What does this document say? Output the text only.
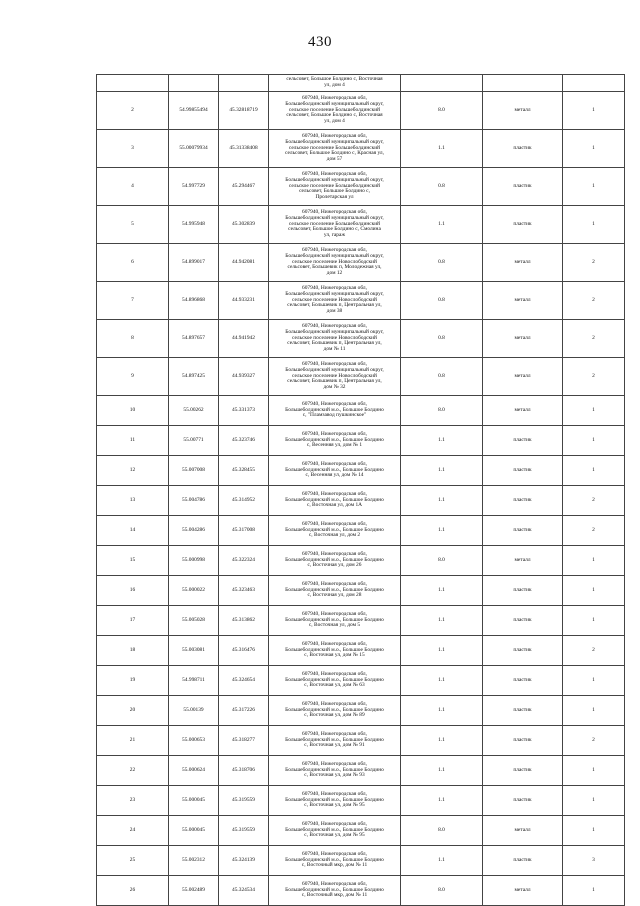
430

			сельсовет, Большое Болдино с, Восточная
ул, дом 4			

2	54.99855494	45.32818719	607940, Нижегородская обл,
Большеболдинский муниципальный округ,
сельское поселение Большеболдинский
сельсовет, Большое Болдино с, Восточная
ул, дом 4	8.0	металл	1
3	55.00079934	45.31338408	607940, Нижегородская обл,
Большеболдинский муниципальный округ,
сельское поселение Большеболдинский
сельсовет, Большое Болдино с, Красная ул,
дом 57	1.1	пластик	1
4	54.997729	45.294467	607940, Нижегородская обл,
Большеболдинский муниципальный округ,
сельское поселение Большеболдинский
сельсовет, Большое Болдино с,
Пролетарская ул	0.8	пластик	1
5	54.995948	45.302839	607940, Нижегородская обл,
Большеболдинский муниципальный округ,
сельское поселение Большеболдинский
сельсовет, Большое Болдино с, Смолина
ул, гараж	1.1	пластик	1
6	54.899017	44.942081	607940, Нижегородская обл,
Большеболдинский муниципальный округ,
сельское поселение Новослободский
сельсовет, Большевик п, Молодежная ул,
дом 12	0.8	металл	2
7	54.896868	44.933231	607940, Нижегородская обл,
Большеболдинский муниципальный округ,
сельское поселение Новослободский
сельсовет, Большевик п, Центральная ул,
дом 38	0.8	металл	2
8	54.897657	44.941942	607940, Нижегородская обл,
Большеболдинский муниципальный округ,
сельское поселение Новослободский
сельсовет, Большевик п, Центральная ул,
дом № 11	0.8	металл	2
9	54.897425	44.939327	607940, Нижегородская обл,
Большеболдинский муниципальный округ,
сельское поселение Новослободский
сельсовет, Большевик п, Центральная ул,
дом № 32	0.8	металл	2
10	55.00262	45.331373	607940, Нижегородская обл,
Большеболдинский м.о., Большое Болдино
с, "Пламзавод пушкинское"	8.0	металл	1
11	55.00771	45.323746	607940, Нижегородская обл,
Большеболдинский м.о., Большое Болдино
с, Весенняя ул, дом № 1	1.1	пластик	1
12	55.007008	45.328455	607940, Нижегородская обл,
Большеболдинский м.о., Большое Болдино
с, Весенняя ул, дом № 14	1.1	пластик	1
13	55.004786	45.314952	607940, Нижегородская обл,
Большеболдинский м.о., Большое Болдино
с, Восточная ул, дом 1А	1.1	пластик	2
14	55.004286	45.317008	607940, Нижегородская обл,
Большеболдинский м.о., Большое Болдино
с, Восточная ул, дом 2	1.1	пластик	2
15	55.000998	45.322324	607940, Нижегородская обл,
Большеболдинский м.о., Большое Болдино
с, Восточная ул, дом 26	8.0	металл	1
16	55.000022	45.323463	607940, Нижегородская обл,
Большеболдинский м.о., Большое Болдино
с, Восточная ул, дом 28	1.1	пластик	1
17	55.005028	45.313862	607940, Нижегородская обл,
Большеболдинский м.о., Большое Болдино
с, Восточная ул, дом 5	1.1	пластик	1
18	55.003081	45.316476	607940, Нижегородская обл,
Большеболдинский м.о., Большое Болдино
с, Восточная ул, дом № 15	1.1	пластик	2
19	54.998711	45.324654	607940, Нижегородская обл,
Большеболдинский м.о., Большое Болдино
с, Восточная ул, дом № 63	1.1	пластик	1
20	55.00139	45.317226	607940, Нижегородская обл,
Большеболдинский м.о., Большое Болдино
с, Восточная ул, дом № 89	1.1	пластик	1
21	55.000653	45.318277	607940, Нижегородская обл,
Большеболдинский м.о., Большое Болдино
с, Восточная ул, дом № 91	1.1	пластик	2
22	55.000624	45.318706	607940, Нижегородская обл,
Большеболдинский м.о., Большое Болдино
с, Восточная ул, дом № 93	1.1	пластик	1
23	55.000045	45.319559	607940, Нижегородская обл,
Большеболдинский м.о., Большое Болдино
с, Восточная ул, дом № 95	1.1	пластик	1
24	55.000045	45.319559	607940, Нижегородская обл,
Большеболдинский м.о., Большое Болдино
с, Восточная ул, дом № 95	8.0	металл	1
25	55.002312	45.324139	607940, Нижегородская обл,
Большеболдинский м.о., Большое Болдино
с, Восточный мкр, дом № 11	1.1	пластик	3
26	55.002489	45.324534	607940, Нижегородская обл,
Большеболдинский м.о., Большое Болдино
с, Восточный мкр, дом № 11	8.0	металл	1
